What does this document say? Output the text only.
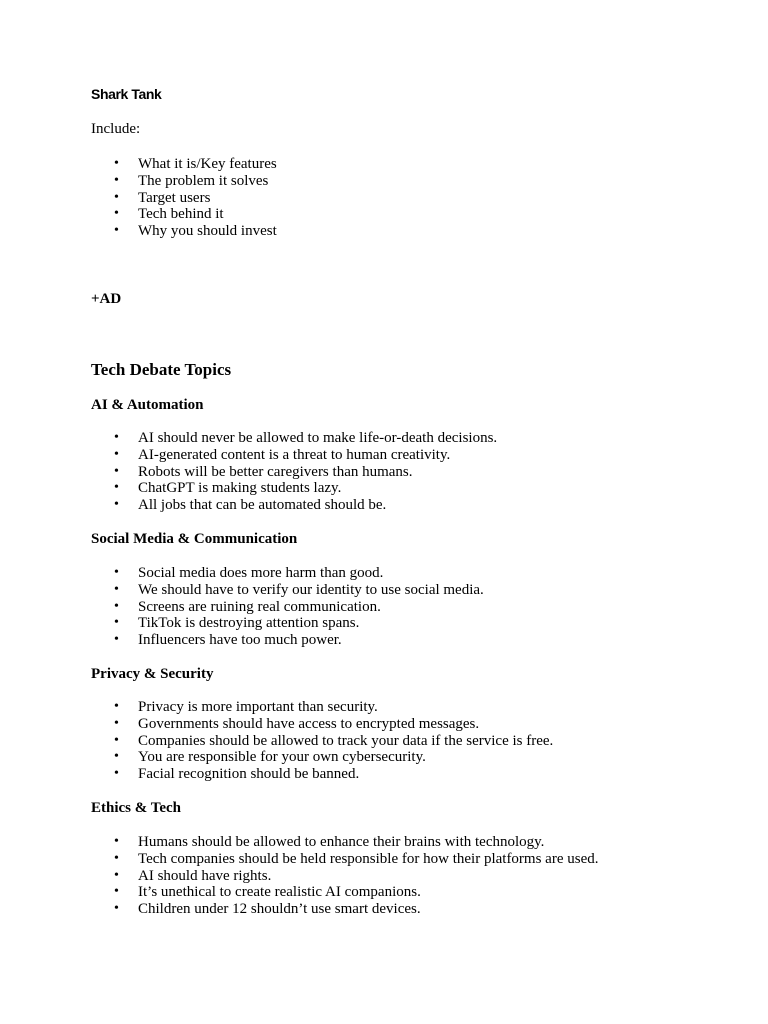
Shark Tank

Include:

• What it is/Key features
• The problem it solves
• Target users
• Tech behind it
• Why you should invest

+AD

Tech Debate Topics

AI & Automation

• AI should never be allowed to make life-or-death decisions.
• AI-generated content is a threat to human creativity.
• Robots will be better caregivers than humans.
• ChatGPT is making students lazy.
• All jobs that can be automated should be.

Social Media & Communication

• Social media does more harm than good.
• We should have to verify our identity to use social media.
• Screens are ruining real communication.
• TikTok is destroying attention spans.
• Influencers have too much power.

Privacy & Security

• Privacy is more important than security.
• Governments should have access to encrypted messages.
• Companies should be allowed to track your data if the service is free.
• You are responsible for your own cybersecurity.
• Facial recognition should be banned.

Ethics & Tech

• Humans should be allowed to enhance their brains with technology.
• Tech companies should be held responsible for how their platforms are used.
• AI should have rights.
• It’s unethical to create realistic AI companions.
• Children under 12 shouldn’t use smart devices.
